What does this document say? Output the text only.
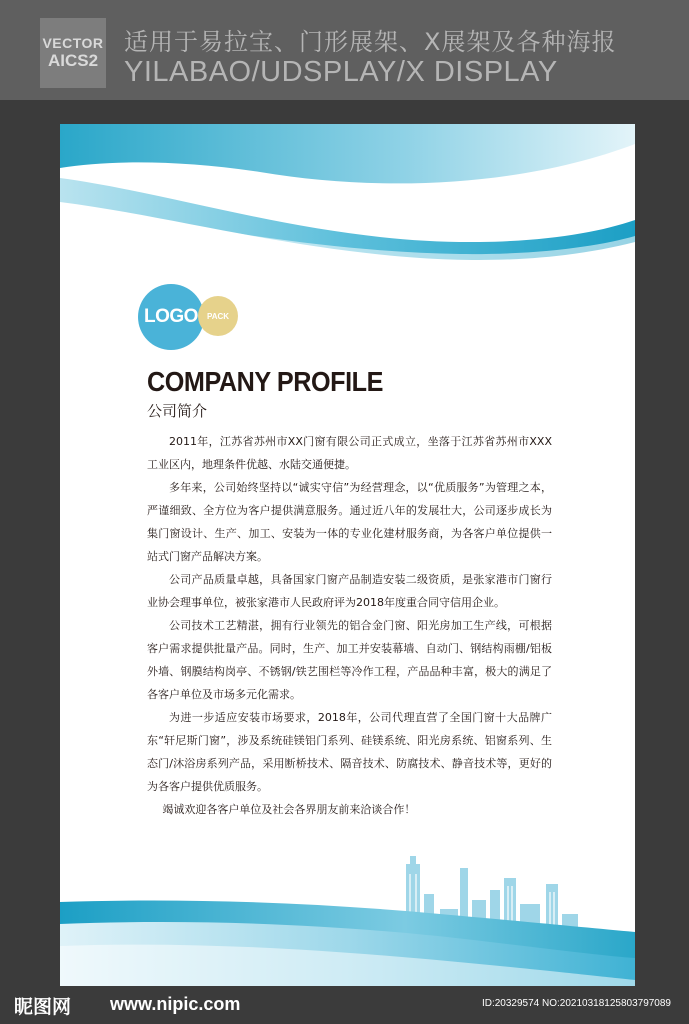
VECTOR
AICS2
适用于易拉宝、门形展架、X展架及各种海报
YILABAO/UDSPLAY/X DISPLAY
LOGO	PACK
COMPANY PROFILE
公司简介

2011年，江苏省苏州市XX门窗有限公司正式成立，坐落于江苏省苏州市XXX工业区内，地理条件优越、水陆交通便捷。

多年来，公司始终坚持以“诚实守信”为经营理念，以“优质服务”为管理之本，严谨细致、全方位为客户提供满意服务。通过近八年的发展壮大，公司逐步成长为集门窗设计、生产、加工、安装为一体的专业化建材服务商，为各客户单位提供一站式门窗产品解决方案。

公司产品质量卓越，具备国家门窗产品制造安装二级资质，是张家港市门窗行业协会理事单位，被张家港市人民政府评为2018年度重合同守信用企业。

公司技术工艺精湛，拥有行业领先的铝合金门窗、阳光房加工生产线，可根据客户需求提供批量产品。同时，生产、加工并安装幕墙、自动门、钢结构雨棚/铝板外墙、钢膜结构岗亭、不锈钢/铁艺围栏等冷作工程，产品品种丰富，极大的满足了各客户单位及市场多元化需求。

为进一步适应安装市场要求，2018年，公司代理直营了全国门窗十大品牌广东“轩尼斯门窗”，涉及系统硅镁铝门系列、硅镁系统、阳光房系统、铝窗系列、生态门/沐浴房系列产品，采用断桥技术、隔音技术、防腐技术、静音技术等，更好的为各客户提供优质服务。

竭诚欢迎各客户单位及社会各界朋友前来洽谈合作！

昵图网 www.nipic.com	ID:20329574 NO:20210318125803797089
